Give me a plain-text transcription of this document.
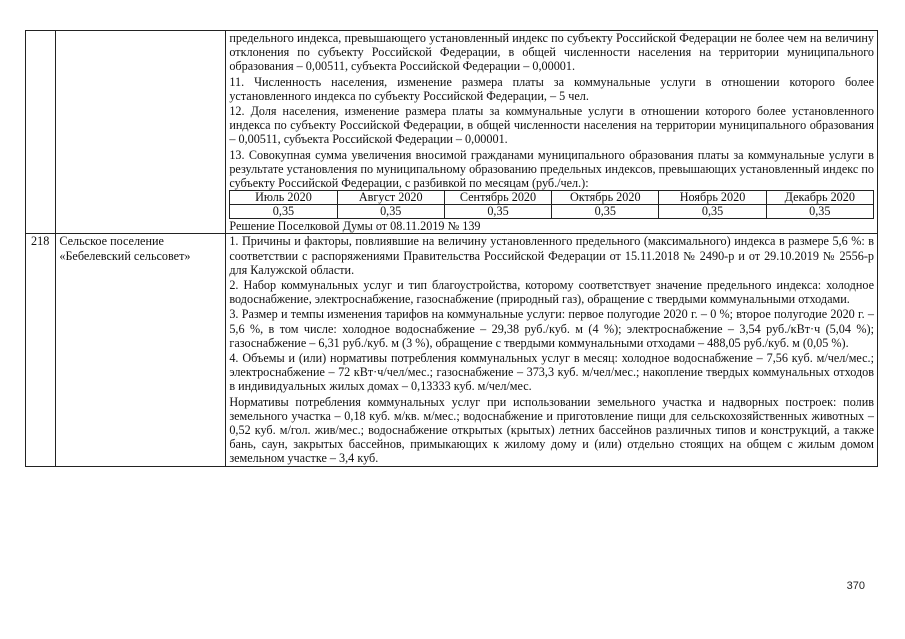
предельного индекса, превышающего установленный индекс по субъекту Российской Федерации не более чем на величину отклонения по субъекту Российской Федерации, в общей численности населения на территории муниципального образования – 0,00511, субъекта Российской Федерации – 0,00001.

11. Численность населения, изменение размера платы за коммунальные услуги в отношении которого более установленного индекса по субъекту Российской Федерации, – 5 чел.

12. Доля населения, изменение размера платы за коммунальные услуги в отношении которого более установленного индекса по субъекту Российской Федерации, в общей численности населения на территории муниципального образования – 0,00511, субъекта Российской Федерации – 0,00001.

13. Совокупная сумма увеличения вносимой гражданами муниципального образования платы за коммунальные услуги в результате установления по муниципальному образованию предельных индексов, превышающих установленный индекс по субъекту Российской Федерации, с разбивкой по месяцам (руб./чел.):

Июль 2020	Август 2020	Сентябрь 2020	Октябрь 2020	Ноябрь 2020	Декабрь 2020
0,35	0,35	0,35	0,35	0,35	0,35

Решение Поселковой Думы от 08.11.2019 № 139

218	Сельское поселение
«Бебелевский сельсовет»

1. Причины и факторы, повлиявшие на величину установленного предельного (максимального) индекса в размере 5,6 %: в соответствии с распоряжениями Правительства Российской Федерации от 15.11.2018 № 2490-р и от 29.10.2019 № 2556-р для Калужской области.

2. Набор коммунальных услуг и тип благоустройства, которому соответствует значение предельного индекса: холодное водоснабжение, электроснабжение, газоснабжение (природный газ), обращение с твердыми коммунальными отходами.

3. Размер и темпы изменения тарифов на коммунальные услуги: первое полугодие 2020 г. – 0 %; второе полугодие 2020 г. – 5,6 %, в том числе: холодное водоснабжение – 29,38 руб./куб. м (4 %); электроснабжение – 3,54 руб./кВт·ч (5,04 %); газоснабжение – 6,31 руб./куб. м (3 %), обращение с твердыми коммунальными отходами – 488,05 руб./куб. м (0,05 %).

4. Объемы и (или) нормативы потребления коммунальных услуг в месяц: холодное водоснабжение – 7,56 куб. м/чел/мес.; электроснабжение – 72 кВт·ч/чел/мес.; газоснабжение – 373,3 куб. м/чел/мес.; накопление твердых коммунальных отходов в индивидуальных жилых домах – 0,13333 куб. м/чел/мес.

Нормативы потребления коммунальных услуг при использовании земельного участка и надворных построек: полив земельного участка – 0,18 куб. м/кв. м/мес.; водоснабжение и приготовление пищи для сельскохозяйственных животных – 0,52 куб. м/гол. жив/мес.; водоснабжение открытых (крытых) летних бассейнов различных типов и конструкций, а также бань, саун, закрытых бассейнов, примыкающих к жилому дому и (или) отдельно стоящих на общем с жилым домом земельном участке – 3,4 куб.

370
